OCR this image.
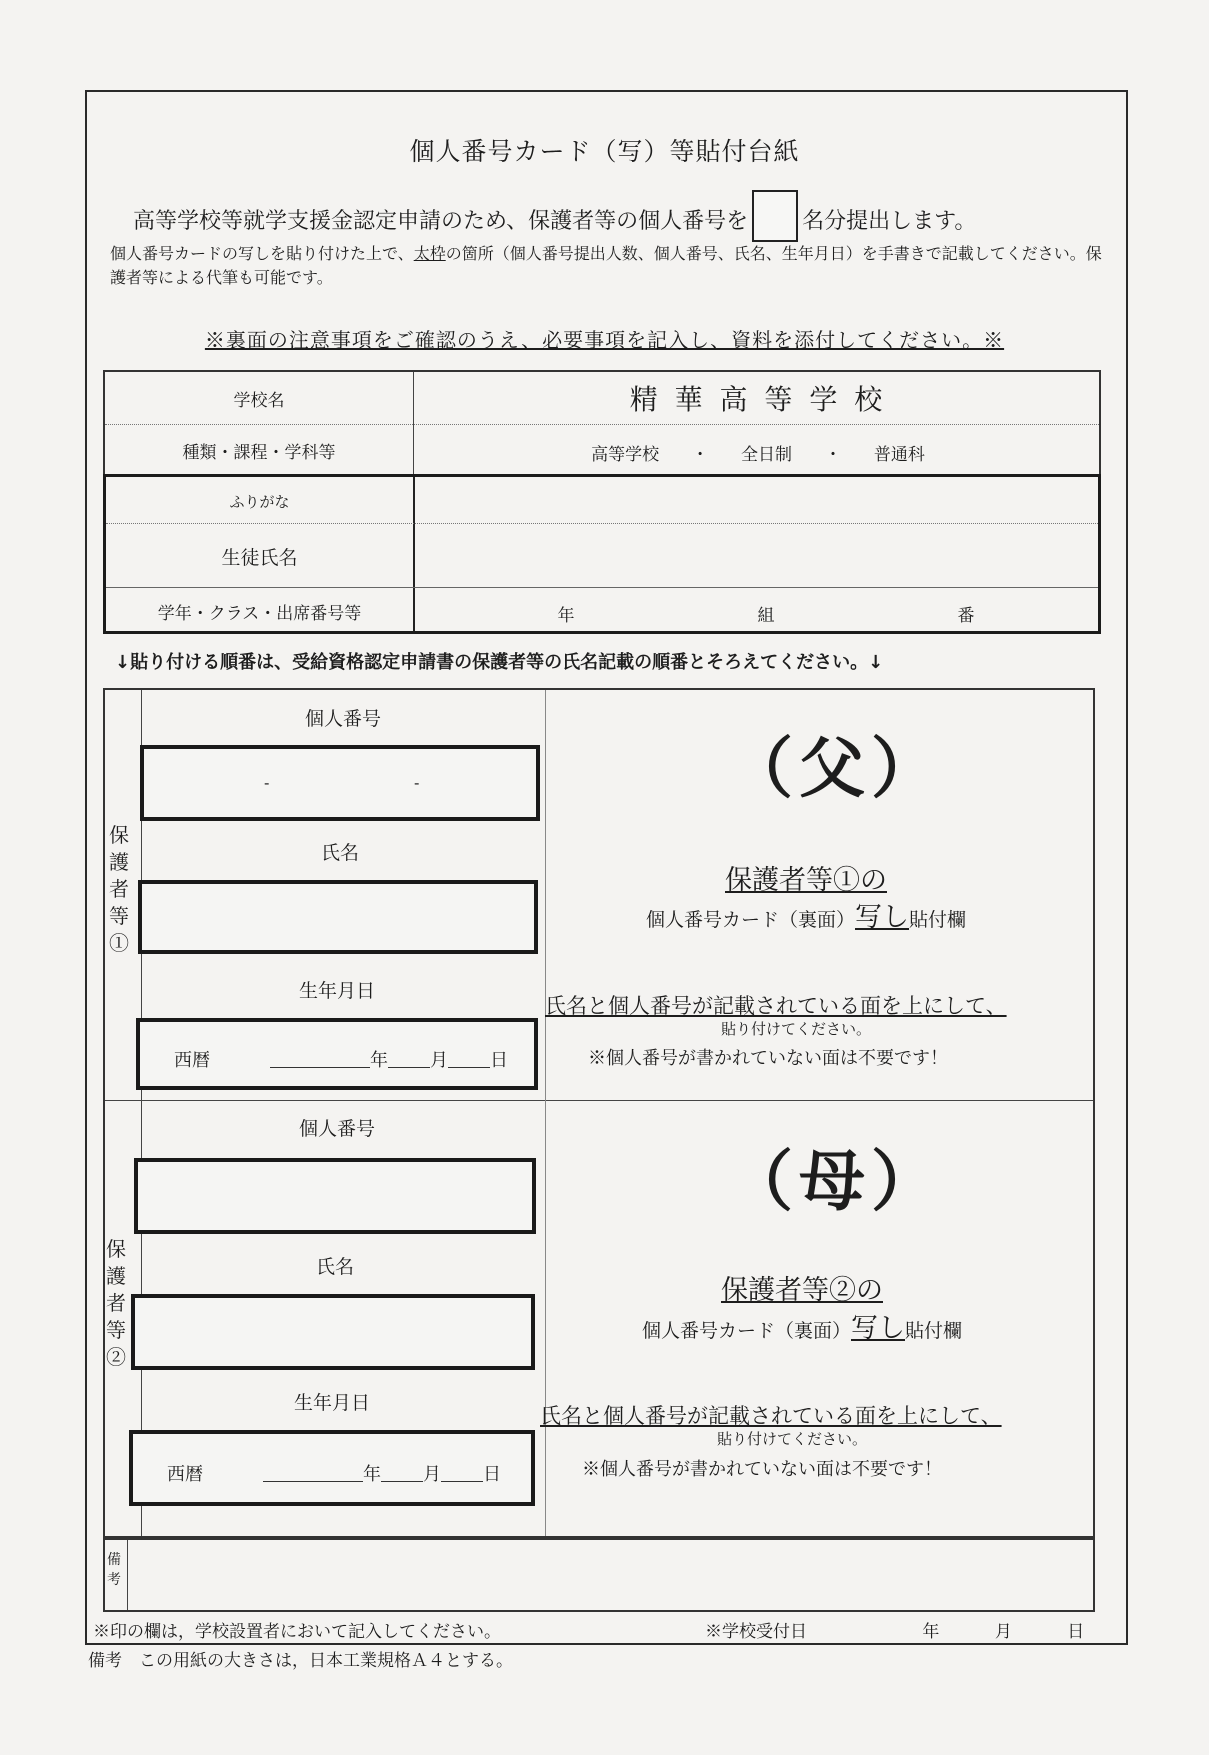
個人番号カード（写）等貼付台紙
高等学校等就学支援金認定申請のため、保護者等の個人番号を 名分提出します。
個人番号カードの写しを貼り付けた上で、太枠の箇所（個人番号提出人数、個人番号、氏名、生年月日）を手書きで記載してください。保護者等による代筆も可能です。
※裏面の注意事項をご確認のうえ、必要事項を記入し、資料を添付してください。※
学校名	精 華 高 等 学 校
種類・課程・学科等	高等学校 ・ 全日制 ・ 普通科
ふりがな
生徒氏名
学年・クラス・出席番号等	年	組	番
↓貼り付ける順番は、受給資格認定申請書の保護者等の氏名記載の順番とそろえてください。↓
保護者等①
個人番号
-	-
氏名
生年月日
西暦	年 月 日
（父）
保護者等①の
個人番号カード（裏面）写し貼付欄
氏名と個人番号が記載されている面を上にして、
貼り付けてください。
※個人番号が書かれていない面は不要です！
保護者等②
個人番号
氏名
生年月日
西暦	年 月 日
（母）
保護者等②の
個人番号カード（裏面）写し貼付欄
氏名と個人番号が記載されている面を上にして、
貼り付けてください。
※個人番号が書かれていない面は不要です！
備考
※印の欄は，学校設置者において記入してください。	※学校受付日	年	月	日
備考　この用紙の大きさは，日本工業規格Ａ４とする。
